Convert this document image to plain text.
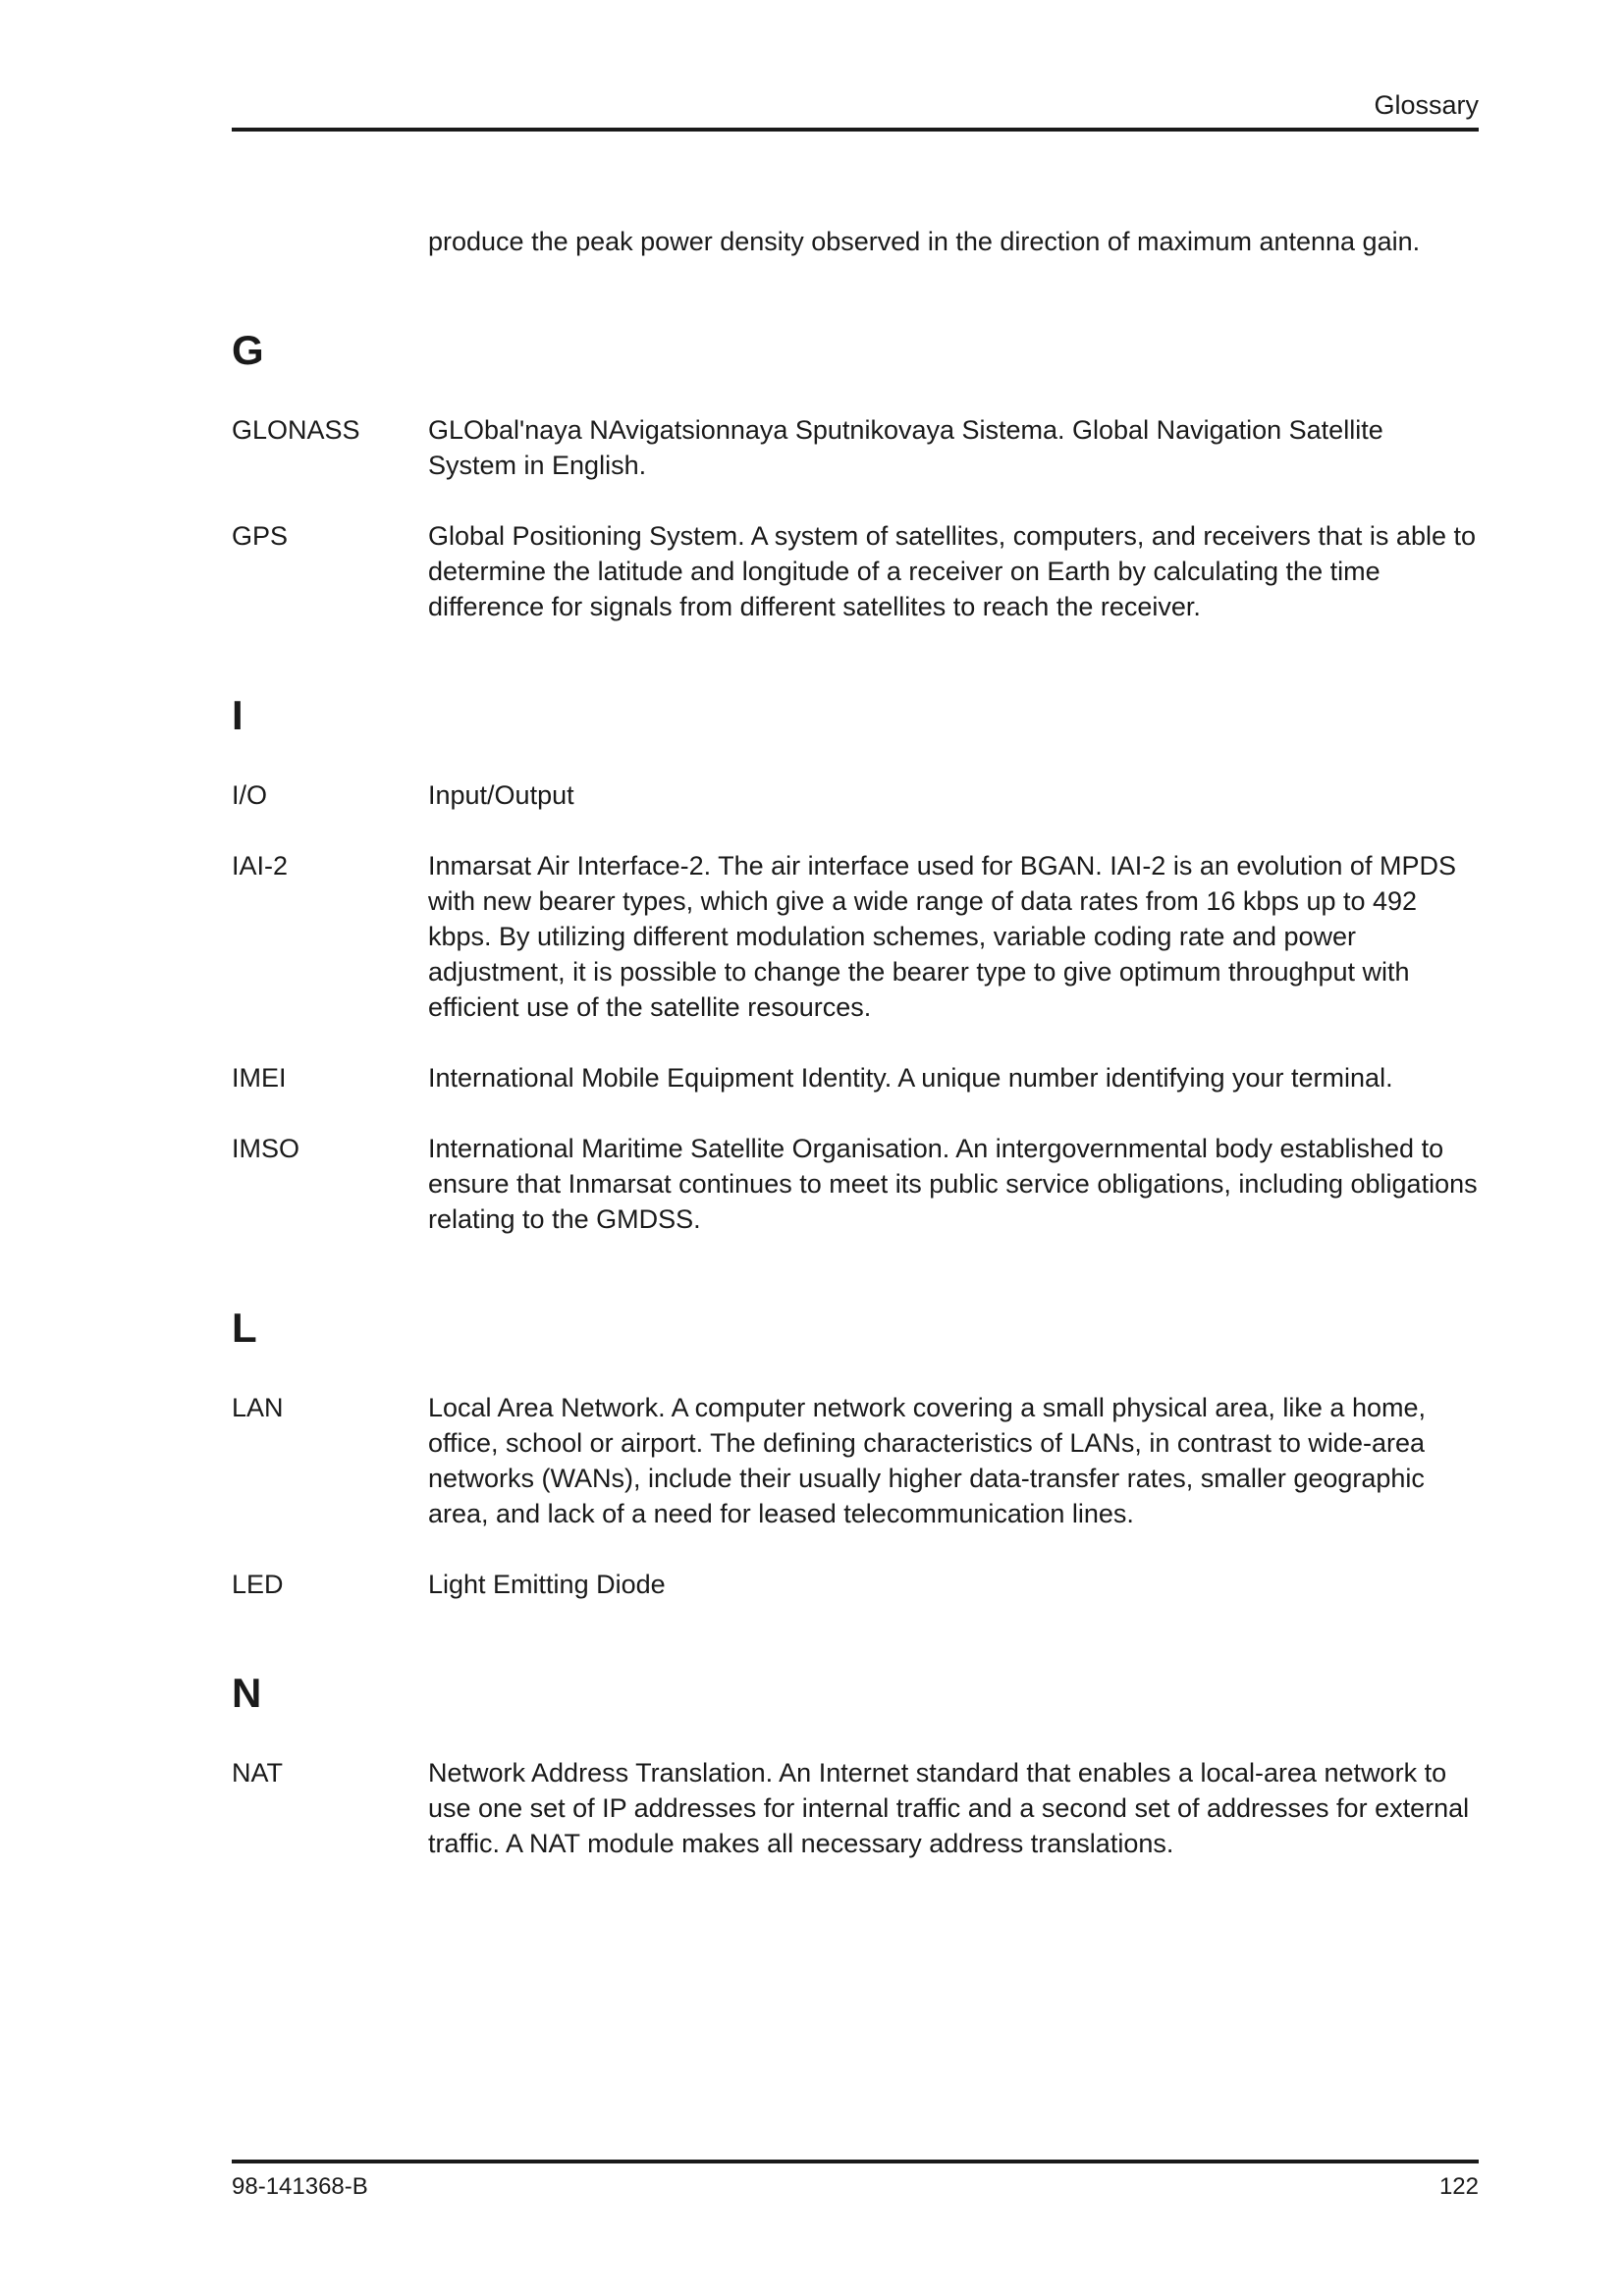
Glossary
produce the peak power density observed in the direction of maximum antenna gain.
G
GLONASS	GLObal'naya NAvigatsionnaya Sputnikovaya Sistema. Global Navigation Satellite System in English.
GPS	Global Positioning System. A system of satellites, computers, and receivers that is able to determine the latitude and longitude of a receiver on Earth by calculating the time difference for signals from different satellites to reach the receiver.
I
I/O	Input/Output
IAI-2	Inmarsat Air Interface-2. The air interface used for BGAN. IAI-2 is an evolution of MPDS with new bearer types, which give a wide range of data rates from 16 kbps up to 492 kbps. By utilizing different modulation schemes, variable coding rate and power adjustment, it is possible to change the bearer type to give optimum throughput with efficient use of the satellite resources.
IMEI	International Mobile Equipment Identity. A unique number identifying your terminal.
IMSO	International Maritime Satellite Organisation. An intergovernmental body established to ensure that Inmarsat continues to meet its public service obligations, including obligations relating to the GMDSS.
L
LAN	Local Area Network. A computer network covering a small physical area, like a home, office, school or airport. The defining characteristics of LANs, in contrast to wide-area networks (WANs), include their usually higher data-transfer rates, smaller geographic area, and lack of a need for leased telecommunication lines.
LED	Light Emitting Diode
N
NAT	Network Address Translation. An Internet standard that enables a local-area network to use one set of IP addresses for internal traffic and a second set of addresses for external traffic. A NAT module makes all necessary address translations.
98-141368-B	122
